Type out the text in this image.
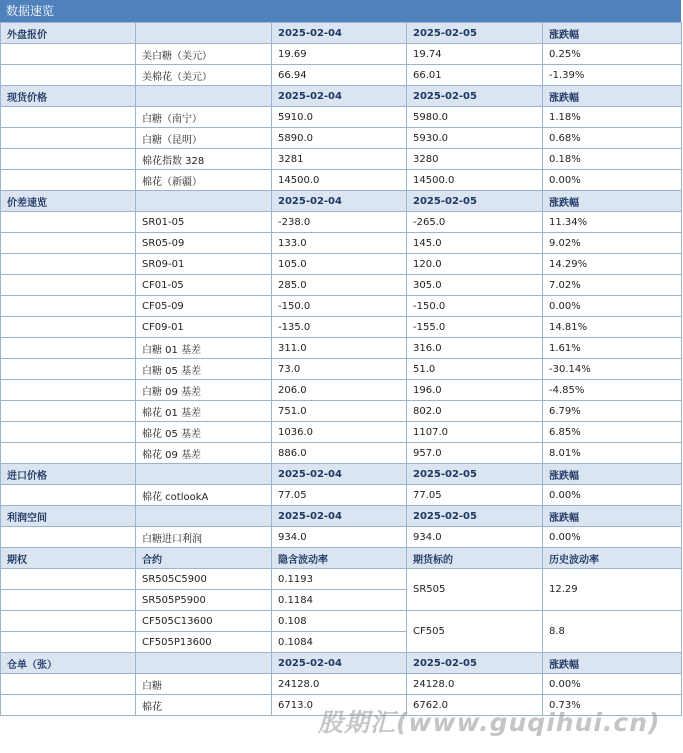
数据速览
外盘报价		2025-02-04	2025-02-05	涨跌幅
	美白糖（美元）	19.69	19.74	0.25%
	美棉花（美元）	66.94	66.01	-1.39%
现货价格		2025-02-04	2025-02-05	涨跌幅
	白糖（南宁）	5910.0	5980.0	1.18%
	白糖（昆明）	5890.0	5930.0	0.68%
	棉花指数 328	3281	3280	0.18%
	棉花（新疆）	14500.0	14500.0	0.00%
价差速览		2025-02-04	2025-02-05	涨跌幅
	SR01-05	-238.0	-265.0	11.34%
	SR05-09	133.0	145.0	9.02%
	SR09-01	105.0	120.0	14.29%
	CF01-05	285.0	305.0	7.02%
	CF05-09	-150.0	-150.0	0.00%
	CF09-01	-135.0	-155.0	14.81%
	白糖 01 基差	311.0	316.0	1.61%
	白糖 05 基差	73.0	51.0	-30.14%
	白糖 09 基差	206.0	196.0	-4.85%
	棉花 01 基差	751.0	802.0	6.79%
	棉花 05 基差	1036.0	1107.0	6.85%
	棉花 09 基差	886.0	957.0	8.01%
进口价格		2025-02-04	2025-02-05	涨跌幅
	棉花 cotlookA	77.05	77.05	0.00%
利润空间		2025-02-04	2025-02-05	涨跌幅
	白糖进口利润	934.0	934.0	0.00%
期权	合约	隐含波动率	期货标的	历史波动率
	SR505C5900	0.1193	SR505	12.29
	SR505P5900	0.1184		
	CF505C13600	0.108	CF505	8.8
	CF505P13600	0.1084		
仓单（张）		2025-02-04	2025-02-05	涨跌幅
	白糖	24128.0	24128.0	0.00%
	棉花	6713.0	6762.0	0.73%
股期汇(www.guqihui.cn)
